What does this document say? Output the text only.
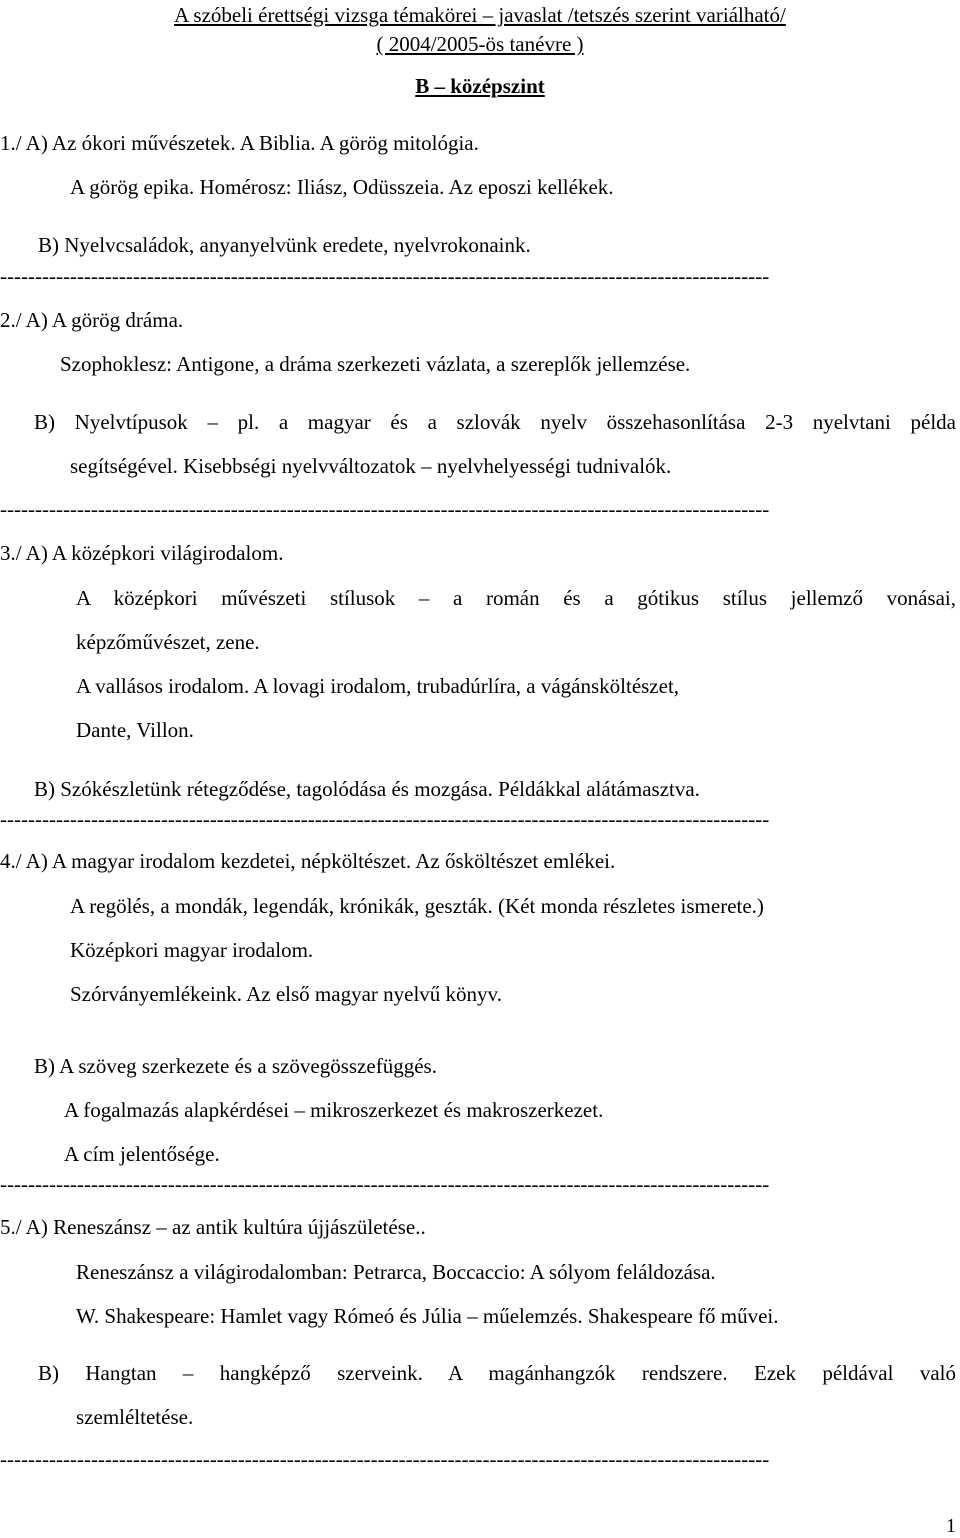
A szóbeli érettségi vizsga témakörei – javaslat /tetszés szerint variálható/
( 2004/2005-ös tanévre )
B – középszint
1./ A) Az ókori művészetek. A Biblia. A görög mitológia.
A görög epika. Homérosz: Iliász, Odüsszeia. Az eposzi kellékek.
B) Nyelvcsaládok, anyanyelvünk eredete, nyelvrokonaink.
--------------------------------------------------------------------------------------------------------------
2./ A) A görög dráma.
Szophoklesz: Antigone, a dráma szerkezeti vázlata, a szereplők jellemzése.
B) Nyelvtípusok – pl. a magyar és a szlovák nyelv összehasonlítása 2-3 nyelvtani példa
segítségével. Kisebbségi nyelvváltozatok – nyelvhelyességi tudnivalók.
--------------------------------------------------------------------------------------------------------------
3./ A) A középkori világirodalom.
A középkori művészeti stílusok – a román és a gótikus stílus jellemző vonásai,
képzőművészet, zene.
A vallásos irodalom. A lovagi irodalom, trubadúrlíra, a vágánsköltészet,
Dante, Villon.
B) Szókészletünk rétegződése, tagolódása és mozgása. Példákkal alátámasztva.
--------------------------------------------------------------------------------------------------------------
4./ A) A magyar irodalom kezdetei, népköltészet. Az ősköltészet emlékei.
A regölés, a mondák, legendák, krónikák, geszták. (Két monda részletes ismerete.)
Középkori magyar irodalom.
Szórványemlékeink. Az első magyar nyelvű könyv.
B) A szöveg szerkezete és a szövegösszefüggés.
A fogalmazás alapkérdései – mikroszerkezet és makroszerkezet.
A cím jelentősége.
--------------------------------------------------------------------------------------------------------------
5./ A) Reneszánsz – az antik kultúra újjászületése..
Reneszánsz a világirodalomban: Petrarca, Boccaccio: A sólyom feláldozása.
W. Shakespeare: Hamlet vagy Rómeó és Júlia – műelemzés. Shakespeare fő művei.
B) Hangtan – hangképző szerveink. A magánhangzók rendszere. Ezek példával való
szemléltetése.
--------------------------------------------------------------------------------------------------------------
1
